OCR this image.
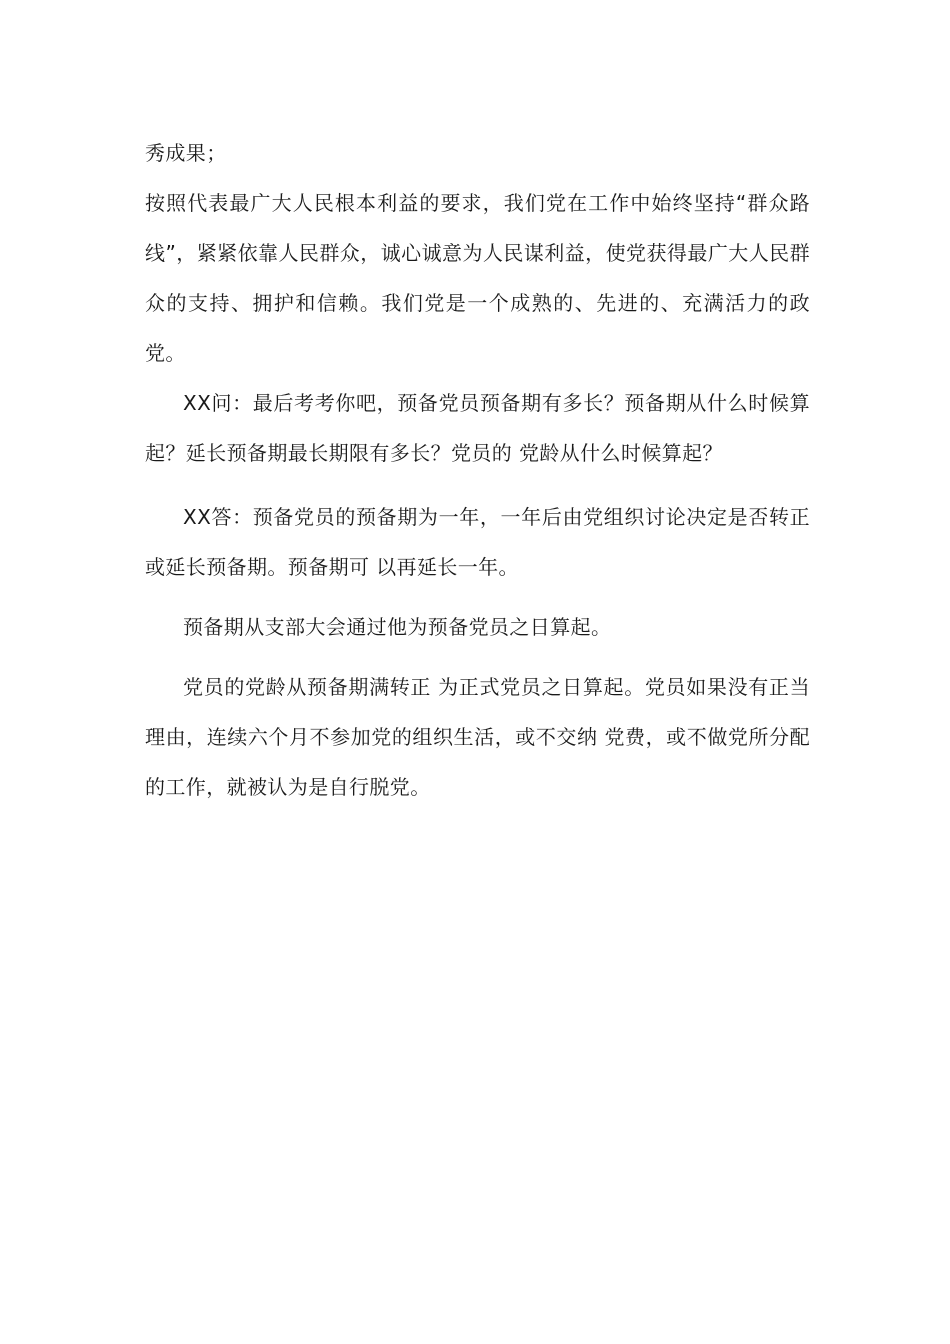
秀成果；

按照代表最广大人民根本利益的要求，我们党在工作中始终坚持“群众路线”，紧紧依靠人民群众，诚心诚意为人民谋利益，使党获得最广大人民群众的支持、拥护和信赖。我们党是一个成熟的、先进的、充满活力的政党。

XX问：最后考考你吧，预备党员预备期有多长？预备期从什么时候算起？延长预备期最长期限有多长？党员的 党龄从什么时候算起？

XX答：预备党员的预备期为一年，一年后由党组织讨论决定是否转正或延长预备期。预备期可 以再延长一年。

预备期从支部大会通过他为预备党员之日算起。

党员的党龄从预备期满转正 为正式党员之日算起。党员如果没有正当理由，连续六个月不参加党的组织生活，或不交纳 党费，或不做党所分配的工作，就被认为是自行脱党。
